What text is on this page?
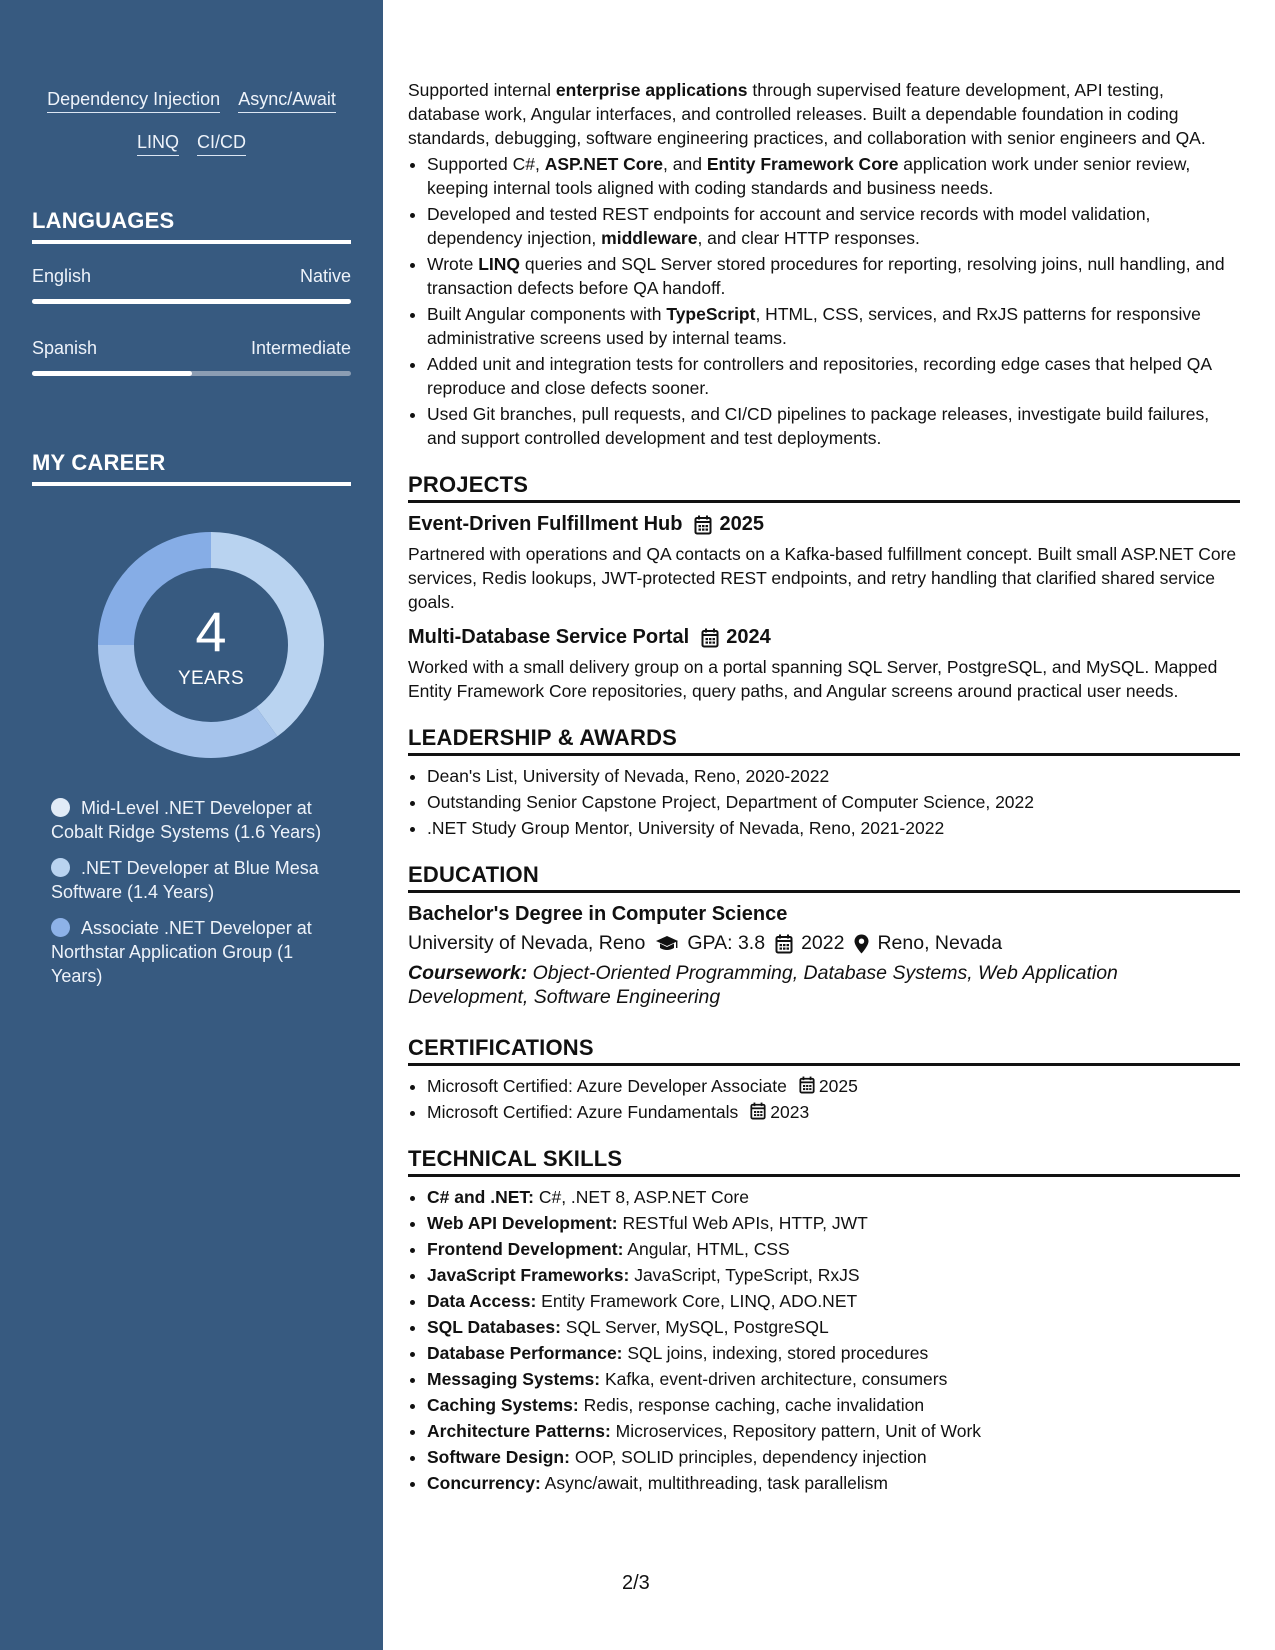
Dependency Injection Async/Await
LINQ CI/CD
LANGUAGES
English	Native
Spanish	Intermediate
MY CAREER
4
YEARS
Mid-Level .NET Developer at Cobalt Ridge Systems (1.6 Years)
.NET Developer at Blue Mesa Software (1.4 Years)
Associate .NET Developer at Northstar Application Group (1 Years)

Supported internal enterprise applications through supervised feature development, API testing, database work, Angular interfaces, and controlled releases. Built a dependable foundation in coding standards, debugging, software engineering practices, and collaboration with senior engineers and QA.

• Supported C#, ASP.NET Core, and Entity Framework Core application work under senior review, keeping internal tools aligned with coding standards and business needs.
• Developed and tested REST endpoints for account and service records with model validation, dependency injection, middleware, and clear HTTP responses.
• Wrote LINQ queries and SQL Server stored procedures for reporting, resolving joins, null handling, and transaction defects before QA handoff.
• Built Angular components with TypeScript, HTML, CSS, services, and RxJS patterns for responsive administrative screens used by internal teams.
• Added unit and integration tests for controllers and repositories, recording edge cases that helped QA reproduce and close defects sooner.
• Used Git branches, pull requests, and CI/CD pipelines to package releases, investigate build failures, and support controlled development and test deployments.
PROJECTS
Event-Driven Fulfillment Hub 2025

Partnered with operations and QA contacts on a Kafka-based fulfillment concept. Built small ASP.NET Core services, Redis lookups, JWT-protected REST endpoints, and retry handling that clarified shared service goals.

Multi-Database Service Portal 2024

Worked with a small delivery group on a portal spanning SQL Server, PostgreSQL, and MySQL. Mapped Entity Framework Core repositories, query paths, and Angular screens around practical user needs.

LEADERSHIP & AWARDS
• Dean's List, University of Nevada, Reno, 2020-2022
• Outstanding Senior Capstone Project, Department of Computer Science, 2022
• .NET Study Group Mentor, University of Nevada, Reno, 2021-2022
EDUCATION
Bachelor's Degree in Computer Science
University of Nevada, Reno GPA: 3.8 2022 Reno, Nevada

Coursework: Object-Oriented Programming, Database Systems, Web Application Development, Software Engineering

CERTIFICATIONS
• Microsoft Certified: Azure Developer Associate 2025
• Microsoft Certified: Azure Fundamentals 2023
TECHNICAL SKILLS
• C# and .NET: C#, .NET 8, ASP.NET Core
• Web API Development: RESTful Web APIs, HTTP, JWT
• Frontend Development: Angular, HTML, CSS
• JavaScript Frameworks: JavaScript, TypeScript, RxJS
• Data Access: Entity Framework Core, LINQ, ADO.NET
• SQL Databases: SQL Server, MySQL, PostgreSQL
• Database Performance: SQL joins, indexing, stored procedures
• Messaging Systems: Kafka, event-driven architecture, consumers
• Caching Systems: Redis, response caching, cache invalidation
• Architecture Patterns: Microservices, Repository pattern, Unit of Work
• Software Design: OOP, SOLID principles, dependency injection
• Concurrency: Async/await, multithreading, task parallelism
2/3
